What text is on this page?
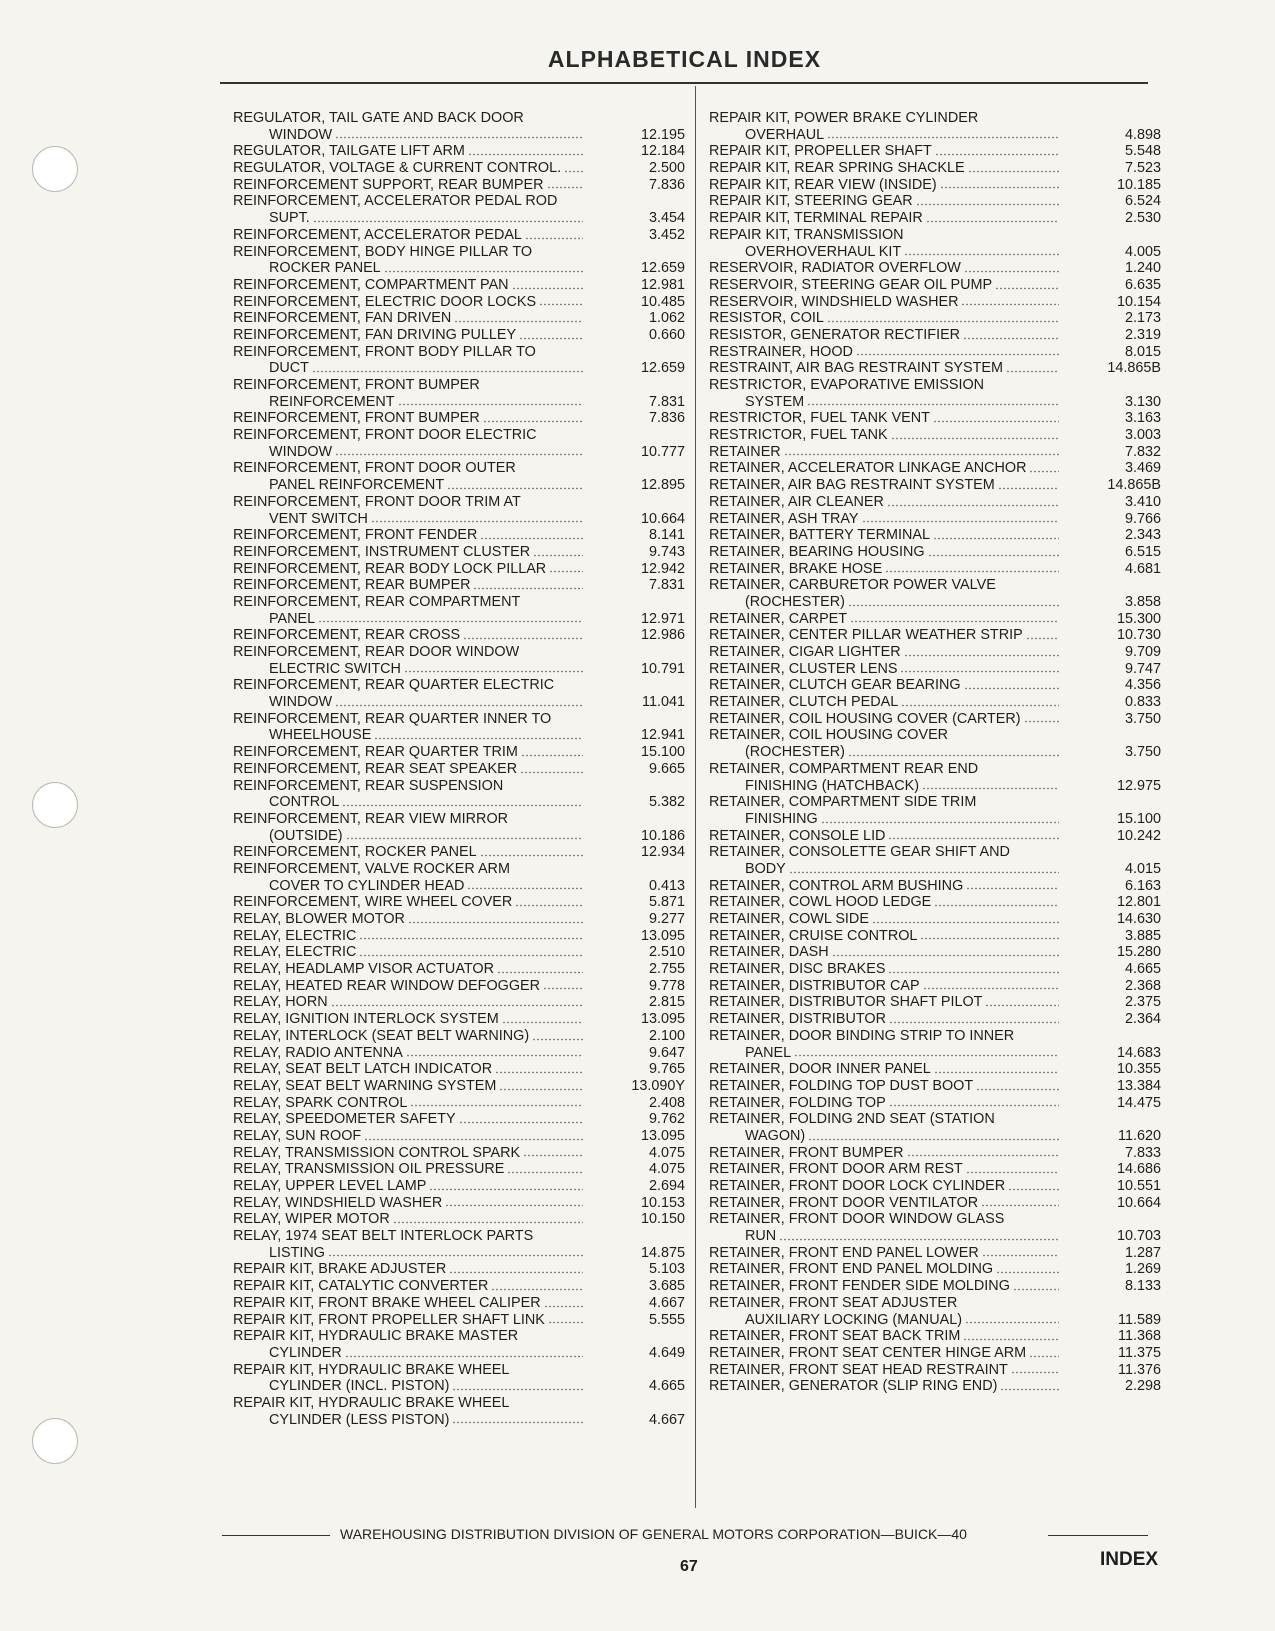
ALPHABETICAL INDEX
REGULATOR, TAIL GATE AND BACK DOOR
WINDOW	12.195
REGULATOR, TAILGATE LIFT ARM	12.184
REGULATOR, VOLTAGE & CURRENT CONTROL.	2.500
REINFORCEMENT SUPPORT, REAR BUMPER	7.836
REINFORCEMENT, ACCELERATOR PEDAL ROD
SUPT.	3.454
REINFORCEMENT, ACCELERATOR PEDAL	3.452
REINFORCEMENT, BODY HINGE PILLAR TO
ROCKER PANEL	12.659
REINFORCEMENT, COMPARTMENT PAN	12.981
REINFORCEMENT, ELECTRIC DOOR LOCKS	10.485
REINFORCEMENT, FAN DRIVEN	1.062
REINFORCEMENT, FAN DRIVING PULLEY	0.660
REINFORCEMENT, FRONT BODY PILLAR TO
DUCT	12.659
REINFORCEMENT, FRONT BUMPER
REINFORCEMENT	7.831
REINFORCEMENT, FRONT BUMPER	7.836
REINFORCEMENT, FRONT DOOR ELECTRIC
WINDOW	10.777
REINFORCEMENT, FRONT DOOR OUTER
PANEL REINFORCEMENT	12.895
REINFORCEMENT, FRONT DOOR TRIM AT
VENT SWITCH	10.664
REINFORCEMENT, FRONT FENDER	8.141
REINFORCEMENT, INSTRUMENT CLUSTER	9.743
REINFORCEMENT, REAR BODY LOCK PILLAR	12.942
REINFORCEMENT, REAR BUMPER	7.831
REINFORCEMENT, REAR COMPARTMENT
PANEL	12.971
REINFORCEMENT, REAR CROSS	12.986
REINFORCEMENT, REAR DOOR WINDOW
ELECTRIC SWITCH	10.791
REINFORCEMENT, REAR QUARTER ELECTRIC
WINDOW	11.041
REINFORCEMENT, REAR QUARTER INNER TO
WHEELHOUSE	12.941
REINFORCEMENT, REAR QUARTER TRIM	15.100
REINFORCEMENT, REAR SEAT SPEAKER	9.665
REINFORCEMENT, REAR SUSPENSION
CONTROL	5.382
REINFORCEMENT, REAR VIEW MIRROR
(OUTSIDE)	10.186
REINFORCEMENT, ROCKER PANEL	12.934
REINFORCEMENT, VALVE ROCKER ARM
COVER TO CYLINDER HEAD	0.413
REINFORCEMENT, WIRE WHEEL COVER	5.871
RELAY, BLOWER MOTOR	9.277
RELAY, ELECTRIC	13.095
RELAY, ELECTRIC	2.510
RELAY, HEADLAMP VISOR ACTUATOR	2.755
RELAY, HEATED REAR WINDOW DEFOGGER	9.778
RELAY, HORN	2.815
RELAY, IGNITION INTERLOCK SYSTEM	13.095
RELAY, INTERLOCK (SEAT BELT WARNING)	2.100
RELAY, RADIO ANTENNA	9.647
RELAY, SEAT BELT LATCH INDICATOR	9.765
RELAY, SEAT BELT WARNING SYSTEM	13.090Y
RELAY, SPARK CONTROL	2.408
RELAY, SPEEDOMETER SAFETY	9.762
RELAY, SUN ROOF	13.095
RELAY, TRANSMISSION CONTROL SPARK	4.075
RELAY, TRANSMISSION OIL PRESSURE	4.075
RELAY, UPPER LEVEL LAMP	2.694
RELAY, WINDSHIELD WASHER	10.153
RELAY, WIPER MOTOR	10.150
RELAY, 1974 SEAT BELT INTERLOCK PARTS
LISTING	14.875
REPAIR KIT, BRAKE ADJUSTER	5.103
REPAIR KIT, CATALYTIC CONVERTER	3.685
REPAIR KIT, FRONT BRAKE WHEEL CALIPER	4.667
REPAIR KIT, FRONT PROPELLER SHAFT LINK	5.555
REPAIR KIT, HYDRAULIC BRAKE MASTER
CYLINDER	4.649
REPAIR KIT, HYDRAULIC BRAKE WHEEL
CYLINDER (INCL. PISTON)	4.665
REPAIR KIT, HYDRAULIC BRAKE WHEEL
CYLINDER (LESS PISTON)	4.667
REPAIR KIT, POWER BRAKE CYLINDER
OVERHAUL	4.898
REPAIR KIT, PROPELLER SHAFT	5.548
REPAIR KIT, REAR SPRING SHACKLE	7.523
REPAIR KIT, REAR VIEW (INSIDE)	10.185
REPAIR KIT, STEERING GEAR	6.524
REPAIR KIT, TERMINAL REPAIR	2.530
REPAIR KIT, TRANSMISSION
OVERHOVERHAUL KIT	4.005
RESERVOIR, RADIATOR OVERFLOW	1.240
RESERVOIR, STEERING GEAR OIL PUMP	6.635
RESERVOIR, WINDSHIELD WASHER	10.154
RESISTOR, COIL	2.173
RESISTOR, GENERATOR RECTIFIER	2.319
RESTRAINER, HOOD	8.015
RESTRAINT, AIR BAG RESTRAINT SYSTEM	14.865B
RESTRICTOR, EVAPORATIVE EMISSION
SYSTEM	3.130
RESTRICTOR, FUEL TANK VENT	3.163
RESTRICTOR, FUEL TANK	3.003
RETAINER	7.832
RETAINER, ACCELERATOR LINKAGE ANCHOR	3.469
RETAINER, AIR BAG RESTRAINT SYSTEM	14.865B
RETAINER, AIR CLEANER	3.410
RETAINER, ASH TRAY	9.766
RETAINER, BATTERY TERMINAL	2.343
RETAINER, BEARING HOUSING	6.515
RETAINER, BRAKE HOSE	4.681
RETAINER, CARBURETOR POWER VALVE
(ROCHESTER)	3.858
RETAINER, CARPET	15.300
RETAINER, CENTER PILLAR WEATHER STRIP	10.730
RETAINER, CIGAR LIGHTER	9.709
RETAINER, CLUSTER LENS	9.747
RETAINER, CLUTCH GEAR BEARING	4.356
RETAINER, CLUTCH PEDAL	0.833
RETAINER, COIL HOUSING COVER (CARTER)	3.750
RETAINER, COIL HOUSING COVER
(ROCHESTER)	3.750
RETAINER, COMPARTMENT REAR END
FINISHING (HATCHBACK)	12.975
RETAINER, COMPARTMENT SIDE TRIM
FINISHING	15.100
RETAINER, CONSOLE LID	10.242
RETAINER, CONSOLETTE GEAR SHIFT AND
BODY	4.015
RETAINER, CONTROL ARM BUSHING	6.163
RETAINER, COWL HOOD LEDGE	12.801
RETAINER, COWL SIDE	14.630
RETAINER, CRUISE CONTROL	3.885
RETAINER, DASH	15.280
RETAINER, DISC BRAKES	4.665
RETAINER, DISTRIBUTOR CAP	2.368
RETAINER, DISTRIBUTOR SHAFT PILOT	2.375
RETAINER, DISTRIBUTOR	2.364
RETAINER, DOOR BINDING STRIP TO INNER
PANEL	14.683
RETAINER, DOOR INNER PANEL	10.355
RETAINER, FOLDING TOP DUST BOOT	13.384
RETAINER, FOLDING TOP	14.475
RETAINER, FOLDING 2ND SEAT (STATION
WAGON)	11.620
RETAINER, FRONT BUMPER	7.833
RETAINER, FRONT DOOR ARM REST	14.686
RETAINER, FRONT DOOR LOCK CYLINDER	10.551
RETAINER, FRONT DOOR VENTILATOR	10.664
RETAINER, FRONT DOOR WINDOW GLASS
RUN	10.703
RETAINER, FRONT END PANEL LOWER	1.287
RETAINER, FRONT END PANEL MOLDING	1.269
RETAINER, FRONT FENDER SIDE MOLDING	8.133
RETAINER, FRONT SEAT ADJUSTER
AUXILIARY LOCKING (MANUAL)	11.589
RETAINER, FRONT SEAT BACK TRIM	11.368
RETAINER, FRONT SEAT CENTER HINGE ARM	11.375
RETAINER, FRONT SEAT HEAD RESTRAINT	11.376
RETAINER, GENERATOR (SLIP RING END)	2.298
WAREHOUSING DISTRIBUTION DIVISION OF GENERAL MOTORS CORPORATION—BUICK—40
67	INDEX
